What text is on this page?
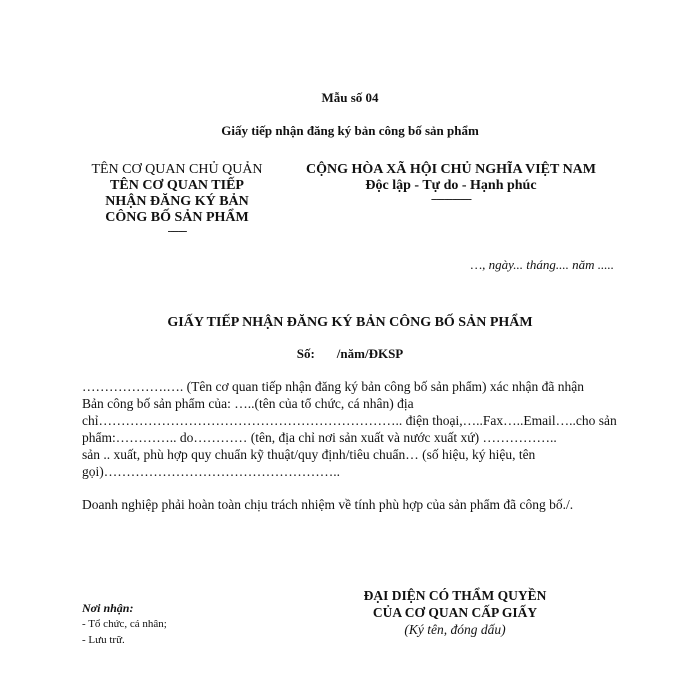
Mẫu số 04
Giấy tiếp nhận đăng ký bản công bố sản phẩm
TÊN CƠ QUAN CHỦ QUẢN
TÊN CƠ QUAN TIẾP
NHẬN ĐĂNG KÝ BẢN
CÔNG BỐ SẢN PHẨM
-------
CỘNG HÒA XÃ HỘI CHỦ NGHĨA VIỆT NAM
Độc lập - Tự do - Hạnh phúc
---------------
…, ngày... tháng.... năm .....
GIẤY TIẾP NHẬN ĐĂNG KÝ BẢN CÔNG BỐ SẢN PHẨM
Số: /năm/ĐKSP

……………….…. (Tên cơ quan tiếp nhận đăng ký bản công bố sản phẩm) xác nhận đã nhận

Bản công bố sản phẩm của: …..(tên của tổ chức, cá nhân) địa

chỉ………………………………………………………….. điện thoại,…..Fax…..Email…..cho sản

phẩm:………….. do………… (tên, địa chỉ nơi sản xuất và nước xuất xứ) ……………..

sản .. xuất, phù hợp quy chuẩn kỹ thuật/quy định/tiêu chuẩn… (số hiệu, ký hiệu, tên

gọi)……………………………………………..

Doanh nghiệp phải hoàn toàn chịu trách nhiệm về tính phù hợp của sản phẩm đã công bố./.
Nơi nhận:
- Tổ chức, cá nhân;
- Lưu trữ.
ĐẠI DIỆN CÓ THẨM QUYỀN
CỦA CƠ QUAN CẤP GIẤY
(Ký tên, đóng dấu)
